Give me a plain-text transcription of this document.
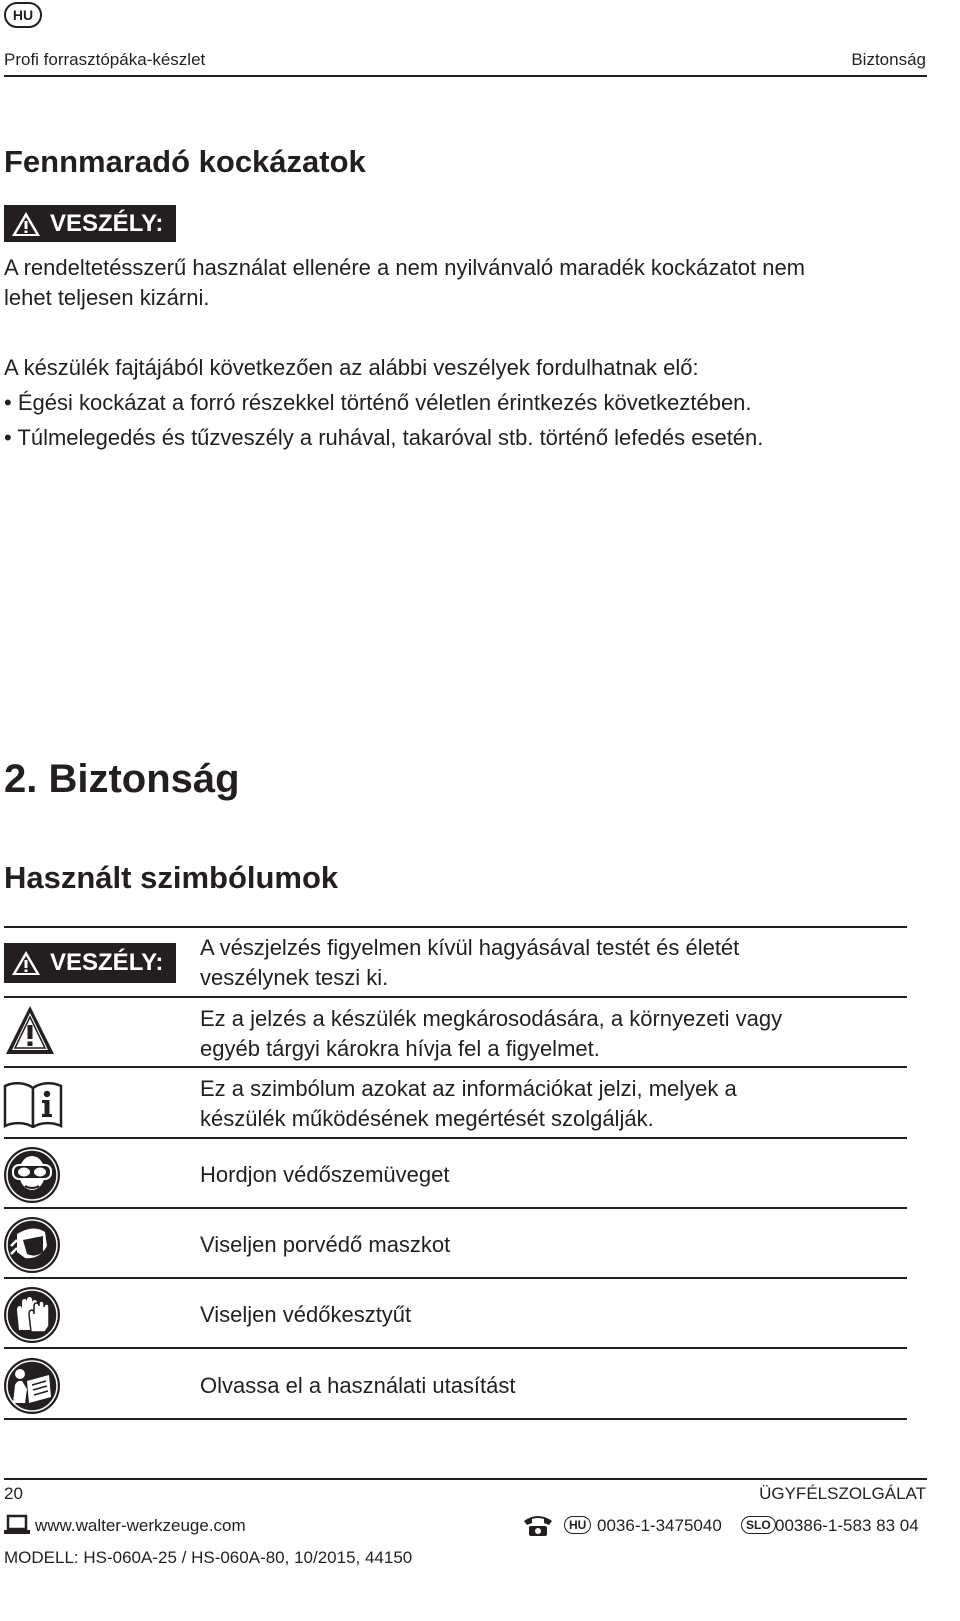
HU
Profi forrasztópáka-készlet	Biztonság
Fennmaradó kockázatok
VESZÉLY:
A rendeltetésszerű használat ellenére a nem nyilvánvaló maradék kockázatot nem
lehet teljesen kizárni.
A készülék fajtájából következően az alábbi veszélyek fordulhatnak elő:
• Égési kockázat a forró részekkel történő véletlen érintkezés következtében.
• Túlmelegedés és tűzveszély a ruhával, takaróval stb. történő lefedés esetén.
2. Biztonság
Használt szimbólumok
VESZÉLY:
A vészjelzés figyelmen kívül hagyásával testét és életét
veszélynek teszi ki.
Ez a jelzés a készülék megkárosodására, a környezeti vagy
egyéb tárgyi károkra hívja fel a figyelmet.
Ez a szimbólum azokat az információkat jelzi, melyek a
készülék működésének megértését szolgálják.
Hordjon védőszemüveget
Viseljen porvédő maszkot
Viseljen védőkesztyűt
Olvassa el a használati utasítást
20	ÜGYFÉLSZOLGÁLAT
www.walter-werkzeuge.com	HU 0036-1-3475040	SLO 00386-1-583 83 04
MODELL: HS-060A-25 / HS-060A-80, 10/2015, 44150
